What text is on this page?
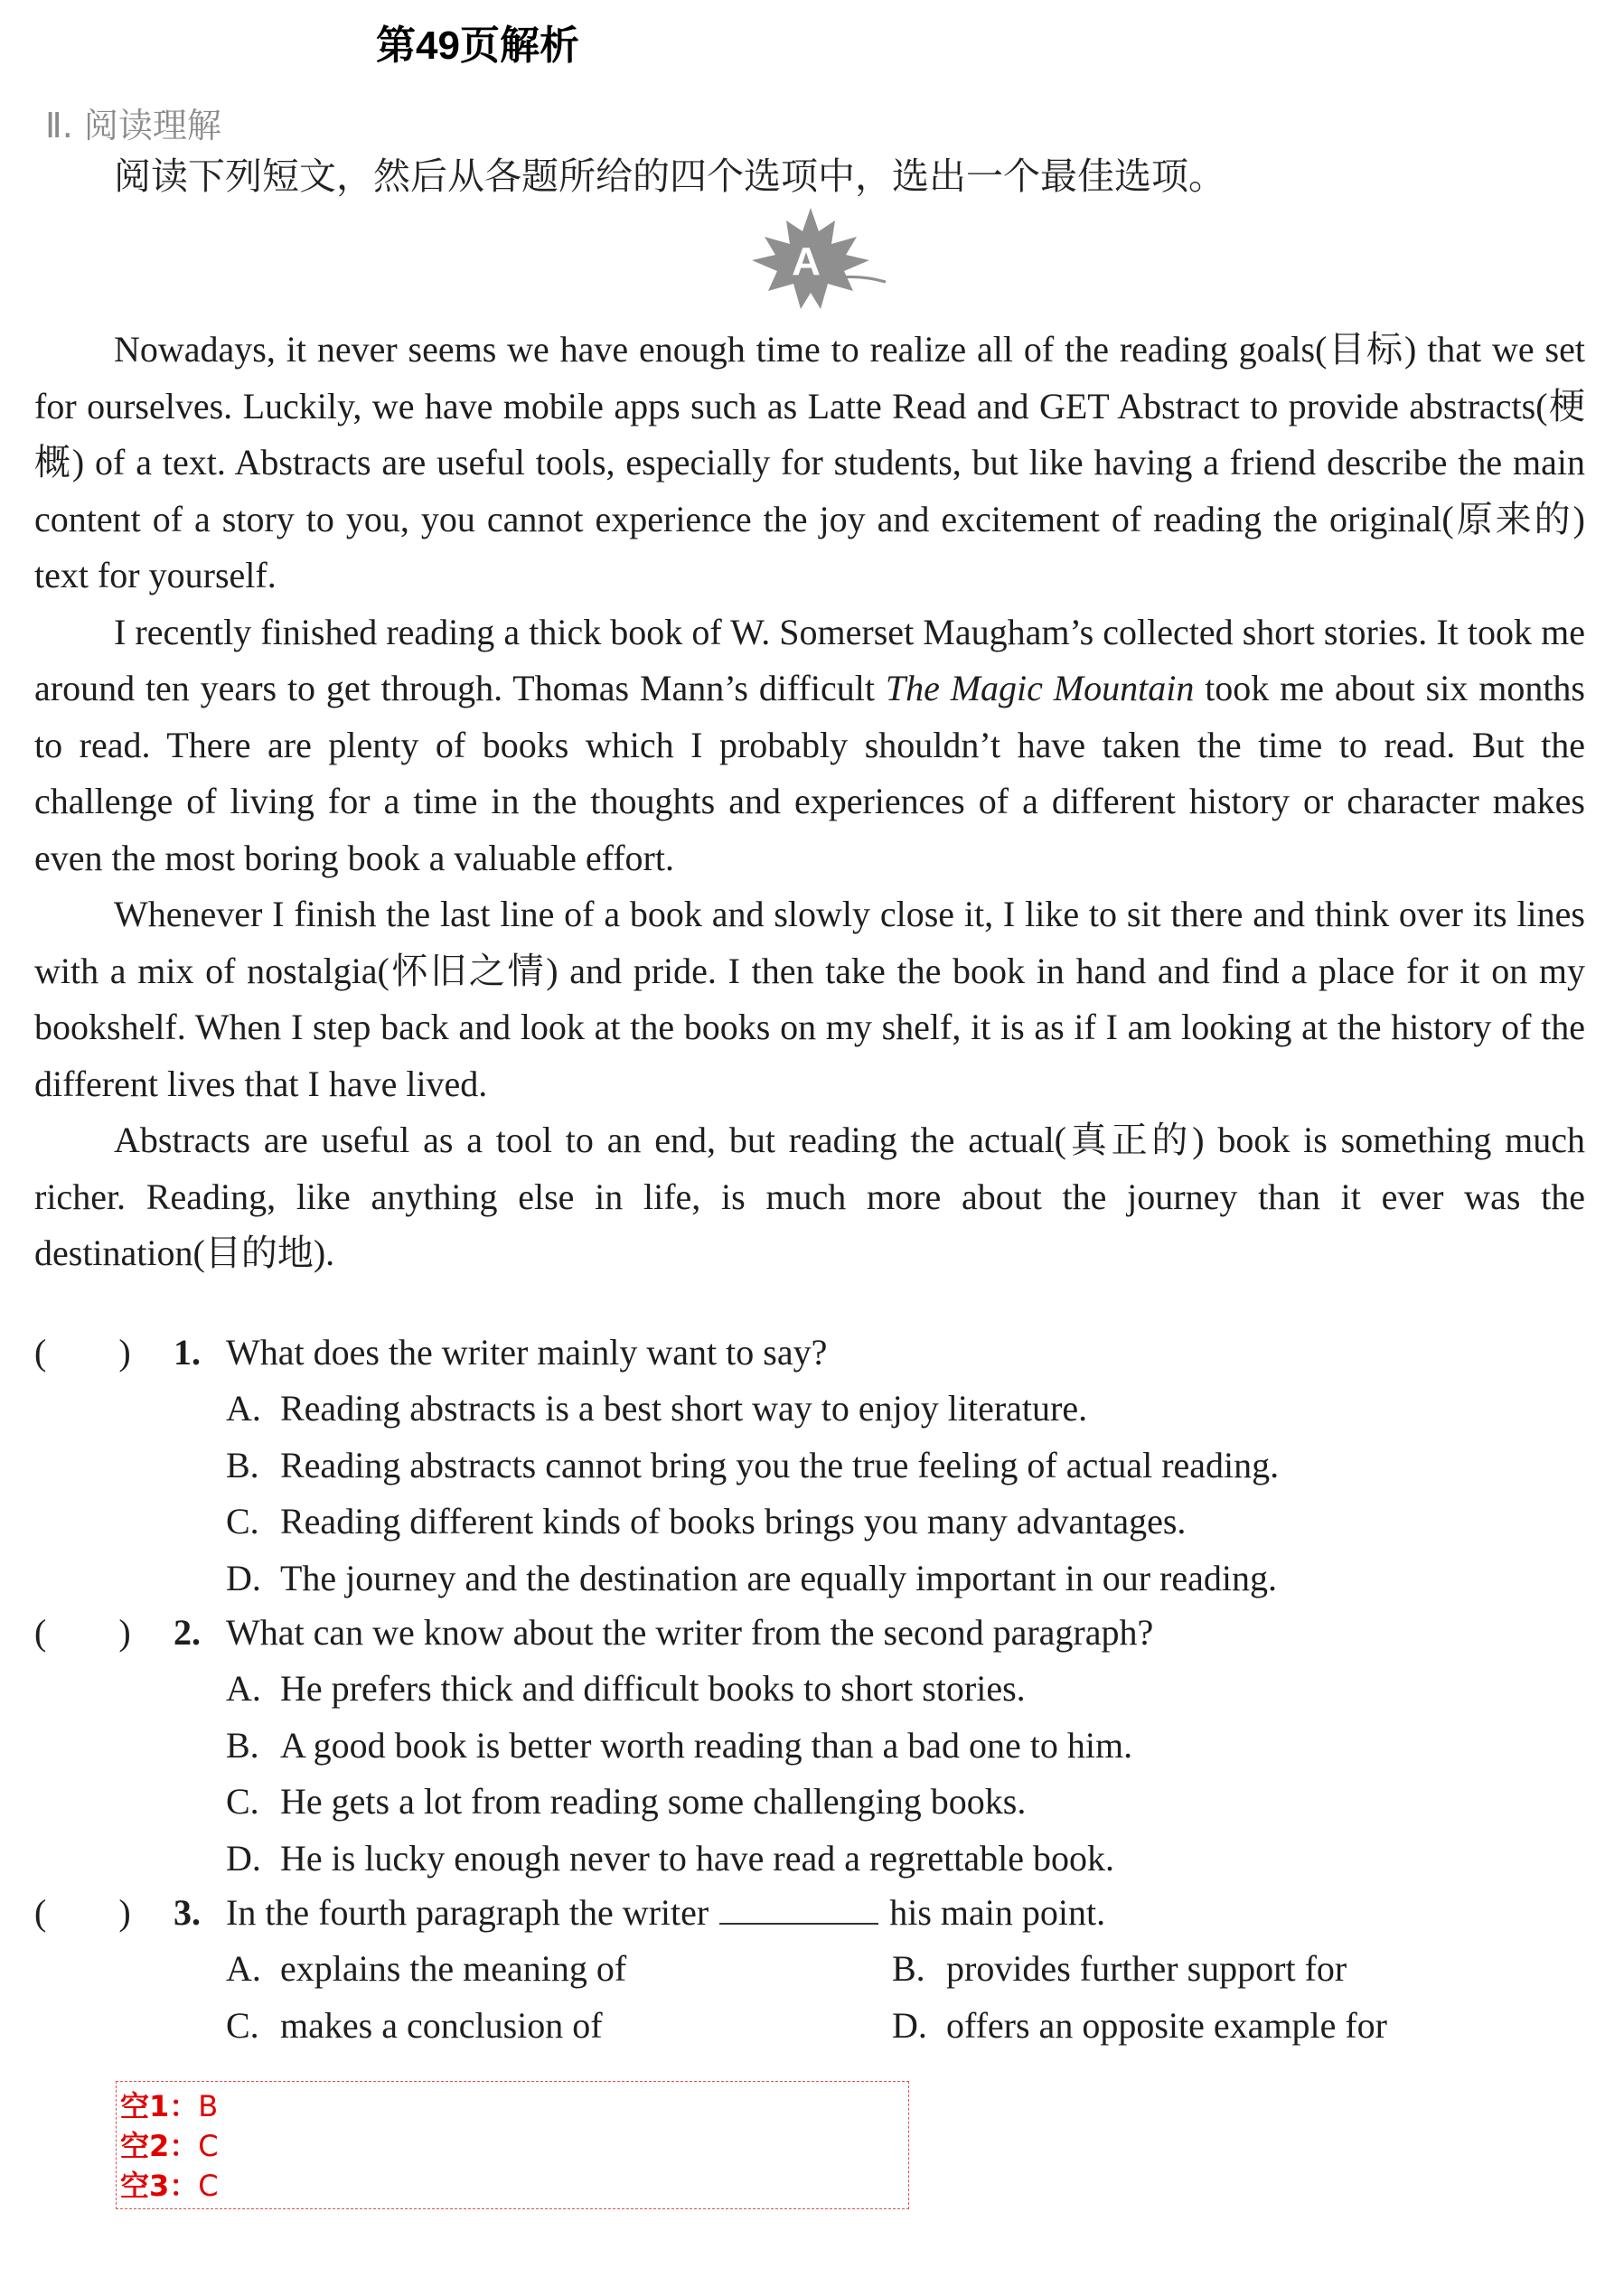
第49页解析
Ⅱ. 阅读理解
阅读下列短文，然后从各题所给的四个选项中，选出一个最佳选项。
A

Nowadays, it never seems we have enough time to realize all of the reading goals(目标) that we set for ourselves. Luckily, we have mobile apps such as Latte Read and GET Abstract to provide abstracts(梗概) of a text. Abstracts are useful tools, especially for students, but like having a friend describe the main content of a story to you, you cannot experience the joy and excitement of reading the original(原来的) text for yourself.

I recently finished reading a thick book of W. Somerset Maugham’s collected short stories. It took me around ten years to get through. Thomas Mann’s difficult The Magic Mountain took me about six months to read. There are plenty of books which I probably shouldn’t have taken the time to read. But the challenge of living for a time in the thoughts and experiences of a different history or character makes even the most boring book a valuable effort.

Whenever I finish the last line of a book and slowly close it, I like to sit there and think over its lines with a mix of nostalgia(怀旧之情) and pride. I then take the book in hand and find a place for it on my bookshelf. When I step back and look at the books on my shelf, it is as if I am looking at the history of the different lives that I have lived.

Abstracts are useful as a tool to an end, but reading the actual(真正的) book is something much richer. Reading, like anything else in life, is much more about the journey than it ever was the destination(目的地).

(　　) 1. What does the writer mainly want to say?
A. Reading abstracts is a best short way to enjoy literature.
B. Reading abstracts cannot bring you the true feeling of actual reading.
C. Reading different kinds of books brings you many advantages.
D. The journey and the destination are equally important in our reading.
(　　) 2. What can we know about the writer from the second paragraph?
A. He prefers thick and difficult books to short stories.
B. A good book is better worth reading than a bad one to him.
C. He gets a lot from reading some challenging books.
D. He is lucky enough never to have read a regrettable book.
(　　) 3. In the fourth paragraph the writer	his main point.
A. explains the meaning of	B. provides further support for
C. makes a conclusion of	D. offers an opposite example for
空1：B
空2：C
空3：C
